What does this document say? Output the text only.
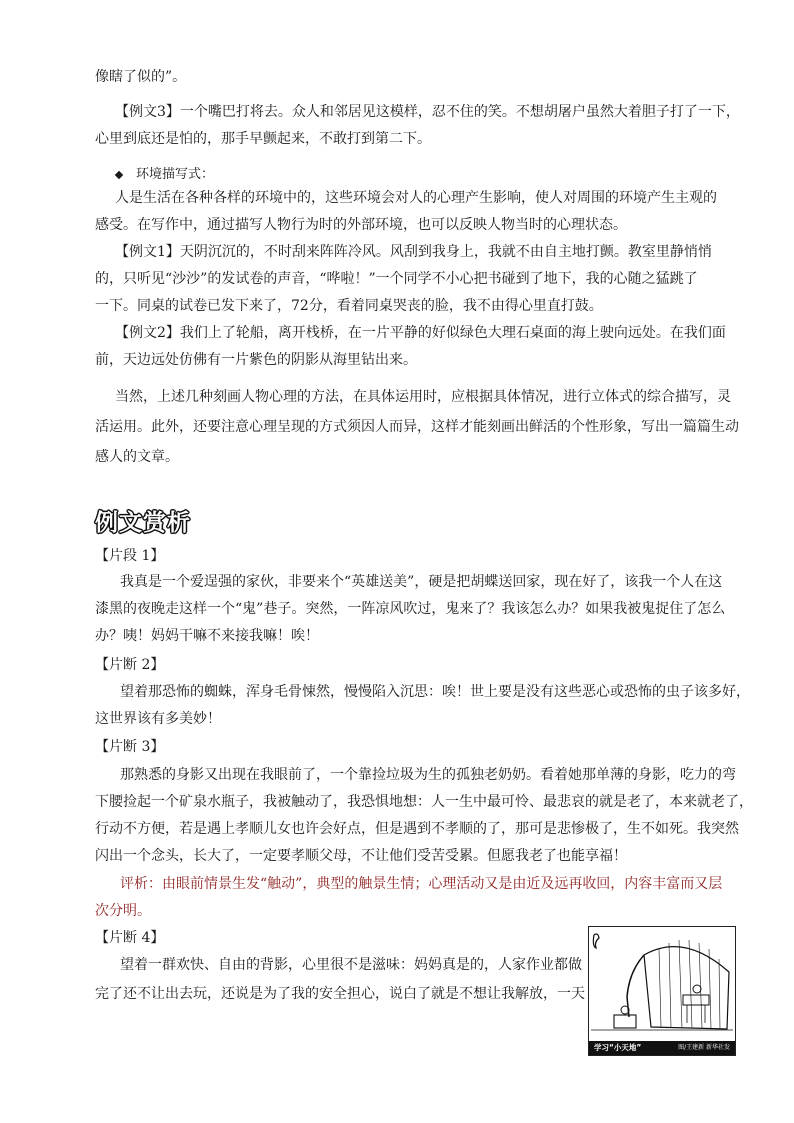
像瞎了似的”。

【例文3】一个嘴巴打将去。众人和邻居见这模样，忍不住的笑。不想胡屠户虽然大着胆子打了一下，

心里到底还是怕的，那手早颤起来，不敢打到第二下。

环境描写式：

人是生活在各种各样的环境中的，这些环境会对人的心理产生影响，使人对周围的环境产生主观的

感受。在写作中，通过描写人物行为时的外部环境，也可以反映人物当时的心理状态。

【例文1】天阴沉沉的，不时刮来阵阵冷风。风刮到我身上，我就不由自主地打颤。教室里静悄悄

的，只听见“沙沙”的发试卷的声音，“哗啦！”一个同学不小心把书碰到了地下，我的心随之猛跳了

一下。同桌的试卷已发下来了，72分，看着同桌哭丧的脸，我不由得心里直打鼓。

【例文2】我们上了轮船，离开栈桥，在一片平静的好似绿色大理石桌面的海上驶向远处。在我们面

前，天边远处仿佛有一片紫色的阴影从海里钻出来。

当然，上述几种刻画人物心理的方法，在具体运用时，应根据具体情况，进行立体式的综合描写，灵

活运用。此外，还要注意心理呈现的方式须因人而异，这样才能刻画出鲜活的个性形象，写出一篇篇生动

感人的文章。

例文赏析
【片段 1】

我真是一个爱逞强的家伙，非要来个“英雄送美”，硬是把胡蝶送回家，现在好了，该我一个人在这

漆黑的夜晚走这样一个“鬼”巷子。突然，一阵凉风吹过，鬼来了？我该怎么办？如果我被鬼捉住了怎么

办？咦！妈妈干嘛不来接我嘛！唉！

【片断 2】

望着那恐怖的蜘蛛，浑身毛骨悚然，慢慢陷入沉思：唉！世上要是没有这些恶心或恐怖的虫子该多好，

这世界该有多美妙！

【片断 3】

那熟悉的身影又出现在我眼前了，一个靠捡垃圾为生的孤独老奶奶。看着她那单薄的身影，吃力的弯

下腰捡起一个矿泉水瓶子，我被触动了，我恐惧地想：人一生中最可怜、最悲哀的就是老了，本来就老了，

行动不方便，若是遇上孝顺儿女也许会好点，但是遇到不孝顺的了，那可是悲惨极了，生不如死。我突然

闪出一个念头，长大了，一定要孝顺父母，不让他们受苦受累。但愿我老了也能享福！

评析：由眼前情景生发“触动”，典型的触景生情；心理活动又是由近及远再收回，内容丰富而又层

次分明。

【片断 4】

望着一群欢快、自由的背影，心里很不是滋味：妈妈真是的，人家作业都做

完了还不让出去玩，还说是为了我的安全担心，说白了就是不想让我解放，一天

学习“小天地”	图/王建新 新华社发
